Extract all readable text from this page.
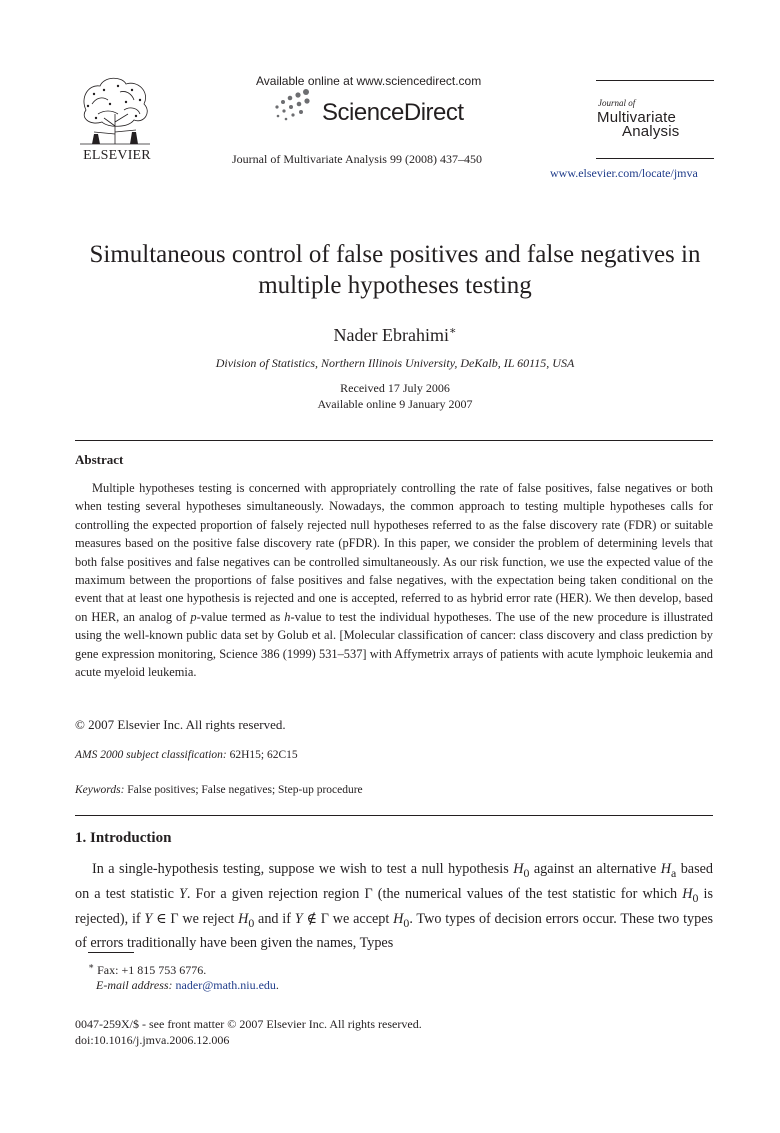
ELSEVIER
Available online at www.sciencedirect.com
ScienceDirect
Journal of Multivariate Analysis 99 (2008) 437–450
Journal of
Multivariate
Analysis
www.elsevier.com/locate/jmva
Simultaneous control of false positives and false negatives in multiple hypotheses testing
Nader Ebrahimi∗
Division of Statistics, Northern Illinois University, DeKalb, IL 60115, USA
Received 17 July 2006
Available online 9 January 2007
Abstract
Multiple hypotheses testing is concerned with appropriately controlling the rate of false positives, false negatives or both when testing several hypotheses simultaneously. Nowadays, the common approach to testing multiple hypotheses calls for controlling the expected proportion of falsely rejected null hypotheses referred to as the false discovery rate (FDR) or suitable measures based on the positive false discovery rate (pFDR). In this paper, we consider the problem of determining levels that both false positives and false negatives can be controlled simultaneously. As our risk function, we use the expected value of the maximum between the proportions of false positives and false negatives, with the expectation being taken conditional on the event that at least one hypothesis is rejected and one is accepted, referred to as hybrid error rate (HER). We then develop, based on HER, an analog of p-value termed as h-value to test the individual hypotheses. The use of the new procedure is illustrated using the well-known public data set by Golub et al. [Molecular classification of cancer: class discovery and class prediction by gene expression monitoring, Science 386 (1999) 531–537] with Affymetrix arrays of patients with acute lymphoic leukemia and acute myeloid leukemia.
© 2007 Elsevier Inc. All rights reserved.
AMS 2000 subject classification: 62H15; 62C15
Keywords: False positives; False negatives; Step-up procedure
1. Introduction
In a single-hypothesis testing, suppose we wish to test a null hypothesis $H_0$ against an alternative $H_a$ based on a test statistic Y. For a given rejection region Γ (the numerical values of the test statistic for which $H_0$ is rejected), if Y ∈ Γ we reject $H_0$ and if Y ∉ Γ we accept $H_0$. Two types of decision errors occur. These two types of errors traditionally have been given the names, Types
∗ Fax: +1 815 753 6776.
E-mail address: nader@math.niu.edu.
0047-259X/$ - see front matter © 2007 Elsevier Inc. All rights reserved.
doi:10.1016/j.jmva.2006.12.006
